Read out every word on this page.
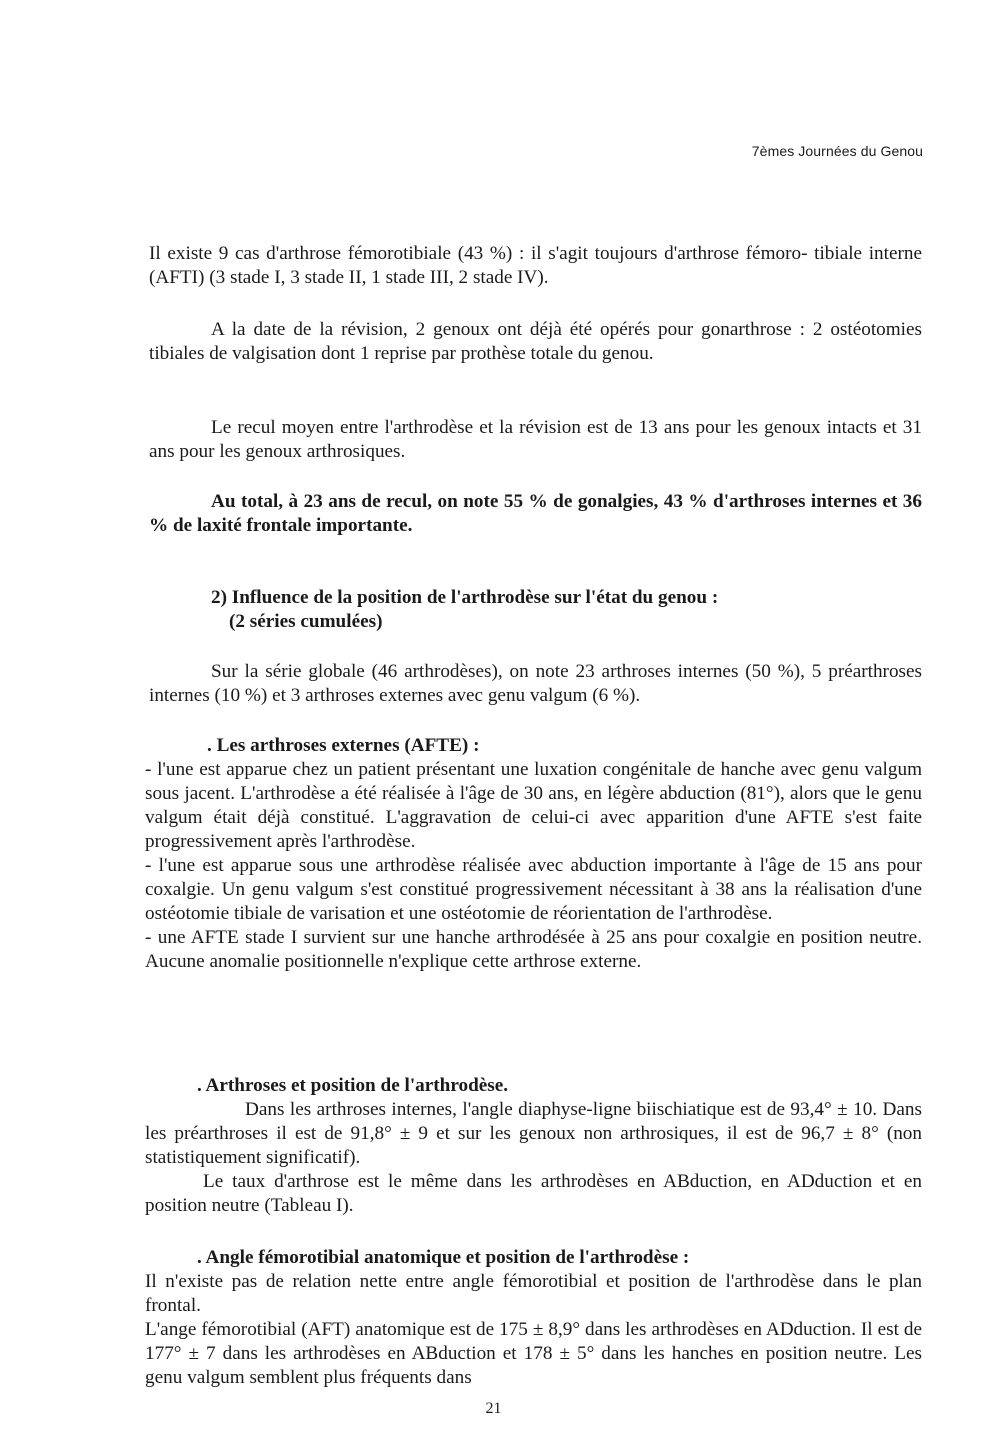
7èmes Journées du Genou

Il existe 9 cas d'arthrose fémorotibiale (43 %) : il s'agit toujours d'arthrose fémoro- tibiale interne (AFTI) (3 stade I, 3 stade II, 1 stade III, 2 stade IV).

A la date de la révision, 2 genoux ont déjà été opérés pour gonarthrose : 2 ostéotomies tibiales de valgisation dont 1 reprise par prothèse totale du genou.

Le recul moyen entre l'arthrodèse et la révision est de 13 ans pour les genoux intacts et 31 ans pour les genoux arthrosiques.

Au total, à 23 ans de recul, on note 55 % de gonalgies, 43 % d'arthroses internes et 36 % de laxité frontale importante.

2) Influence de la position de l'arthrodèse sur l'état du genou :
(2 séries cumulées)

Sur la série globale (46 arthrodèses), on note 23 arthroses internes (50 %), 5 préarthroses internes (10 %) et 3 arthroses externes avec genu valgum (6 %).

. Les arthroses externes (AFTE) :

- l'une est apparue chez un patient présentant une luxation congénitale de hanche avec genu valgum sous jacent. L'arthrodèse a été réalisée à l'âge de 30 ans, en légère abduction (81°), alors que le genu valgum était déjà constitué. L'aggravation de celui-ci avec apparition d'une AFTE s'est faite progressivement après l'arthrodèse.

- l'une est apparue sous une arthrodèse réalisée avec abduction importante à l'âge de 15 ans pour coxalgie. Un genu valgum s'est constitué progressivement nécessitant à 38 ans la réalisation d'une ostéotomie tibiale de varisation et une ostéotomie de réorientation de l'arthrodèse.

- une AFTE stade I survient sur une hanche arthrodésée à 25 ans pour coxalgie en position neutre. Aucune anomalie positionnelle n'explique cette arthrose externe.

. Arthroses et position de l'arthrodèse.

Dans les arthroses internes, l'angle diaphyse-ligne biischiatique est de 93,4° ± 10. Dans les préarthroses il est de 91,8° ± 9 et sur les genoux non arthrosiques, il est de 96,7 ± 8° (non statistiquement significatif).

Le taux d'arthrose est le même dans les arthrodèses en ABduction, en ADduction et en position neutre (Tableau I).

. Angle fémorotibial anatomique et position de l'arthrodèse :

Il n'existe pas de relation nette entre angle fémorotibial et position de l'arthrodèse dans le plan frontal.

L'ange fémorotibial (AFT) anatomique est de 175 ± 8,9° dans les arthrodèses en ADduction. Il est de 177° ± 7 dans les arthrodèses en ABduction et 178 ± 5° dans les hanches en position neutre. Les genu valgum semblent plus fréquents dans

21
